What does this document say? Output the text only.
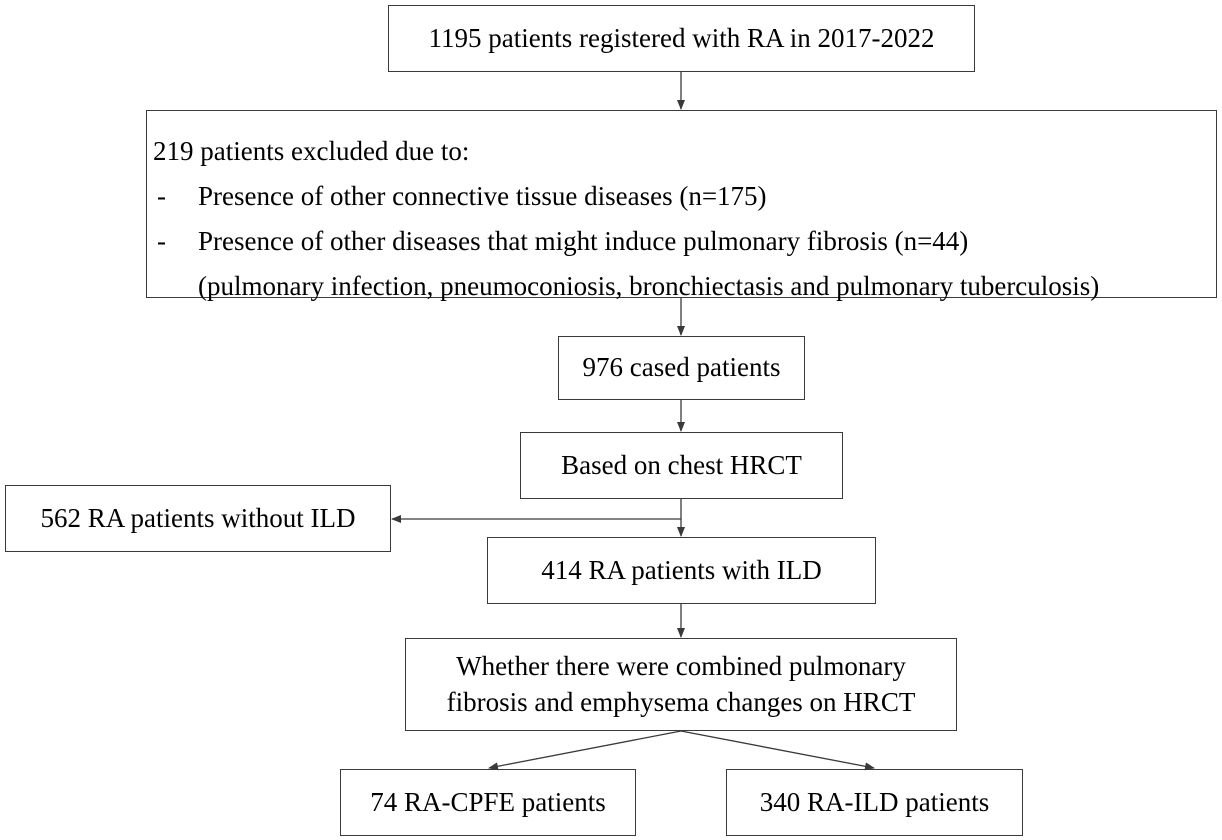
1195 patients registered with RA in 2017-2022
219 patients excluded due to:
- Presence of other connective tissue diseases (n=175)
- Presence of other diseases that might induce pulmonary fibrosis (n=44)
(pulmonary infection, pneumoconiosis, bronchiectasis and pulmonary tuberculosis)
976 cased patients
Based on chest HRCT
562 RA patients without ILD
414 RA patients with ILD
Whether there were combined pulmonary
fibrosis and emphysema changes on HRCT
74 RA-CPFE patients	340 RA-ILD patients
